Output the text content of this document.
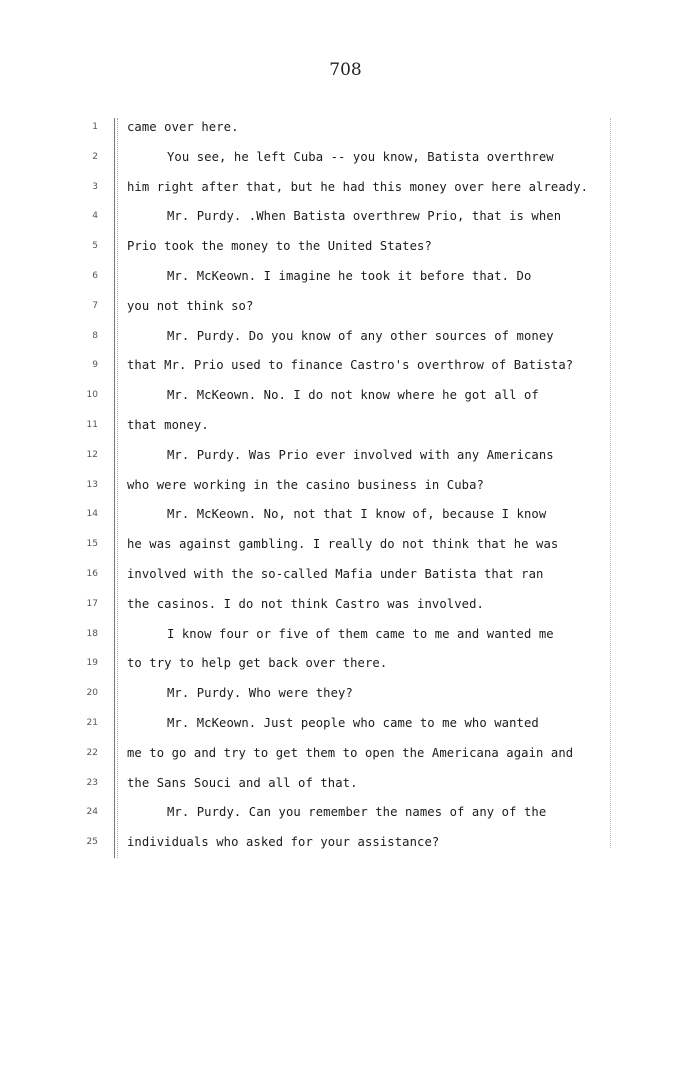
708
1 came over here.
2	You see, he left Cuba -- you know, Batista overthrew
3 him right after that, but he had this money over here already.
4	Mr. Purdy. .When Batista overthrew Prio, that is when
5 Prio took the money to the United States?
6	Mr. McKeown. I imagine he took it before that. Do
7 you not think so?
8	Mr. Purdy. Do you know of any other sources of money
9 that Mr. Prio used to finance Castro's overthrow of Batista?
10	Mr. McKeown. No. I do not know where he got all of
11 that money.
12	Mr. Purdy. Was Prio ever involved with any Americans
13 who were working in the casino business in Cuba?
14	Mr. McKeown. No, not that I know of, because I know
15 he was against gambling. I really do not think that he was
16 involved with the so-called Mafia under Batista that ran
17 the casinos. I do not think Castro was involved.
18	I know four or five of them came to me and wanted me
19 to try to help get back over there.
20	Mr. Purdy. Who were they?
21	Mr. McKeown. Just people who came to me who wanted
22 me to go and try to get them to open the Americana again and
23 the Sans Souci and all of that.
24	Mr. Purdy. Can you remember the names of any of the
25 individuals who asked for your assistance?
